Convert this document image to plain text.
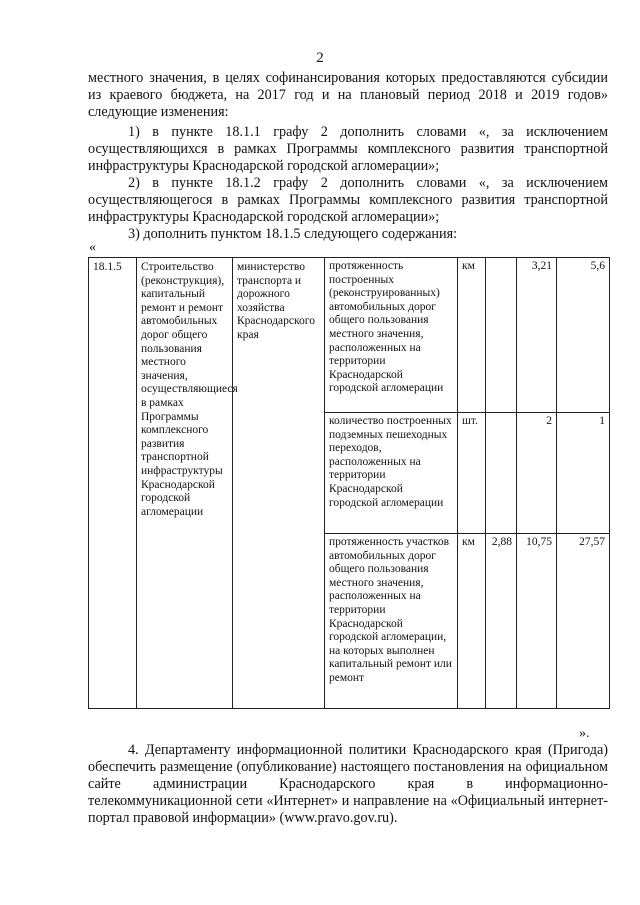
2

местного значения, в целях софинансирования которых предоставляются субсидии из краевого бюджета, на 2017 год и на плановый период 2018 и 2019 годов» следующие изменения:

1) в пункте 18.1.1 графу 2 дополнить словами «, за исключением осуществляющихся в рамках Программы комплексного развития транспортной инфраструктуры Краснодарской городской агломерации»;

2) в пункте 18.1.2 графу 2 дополнить словами «, за исключением осуществляющегося в рамках Программы комплексного развития транспортной инфраструктуры Краснодарской городской агломерации»;

3) дополнить пунктом 18.1.5 следующего содержания:

«
18.1.5	Строительство (реконструкция), капитальный ремонт и ремонт автомобильных дорог общего пользования местного значения, осуществляющиеся в рамках Программы комплексного развития транспортной инфраструктуры Краснодарской городской агломерации	министерство транспорта и дорожного хозяйства Краснодарского края	протяженность построенных (реконструированных) автомобильных дорог общего пользования местного значения, расположенных на территории Краснодарской городской агломерации	км		3,21	5,6
			количество построенных подземных пешеходных переходов, расположенных на территории Краснодарской городской агломерации	шт.		2	1
			протяженность участков автомобильных дорог общего пользования местного значения, расположенных на территории Краснодарской городской агломерации, на которых выполнен капитальный ремонт или ремонт	км	2,88	10,75	27,57
».

4. Департаменту информационной политики Краснодарского края (Пригода) обеспечить размещение (опубликование) настоящего постановления на официальном сайте администрации Краснодарского края в информационно-телекоммуникационной сети «Интернет» и направление на «Официальный интернет-портал правовой информации» (www.pravo.gov.ru).
